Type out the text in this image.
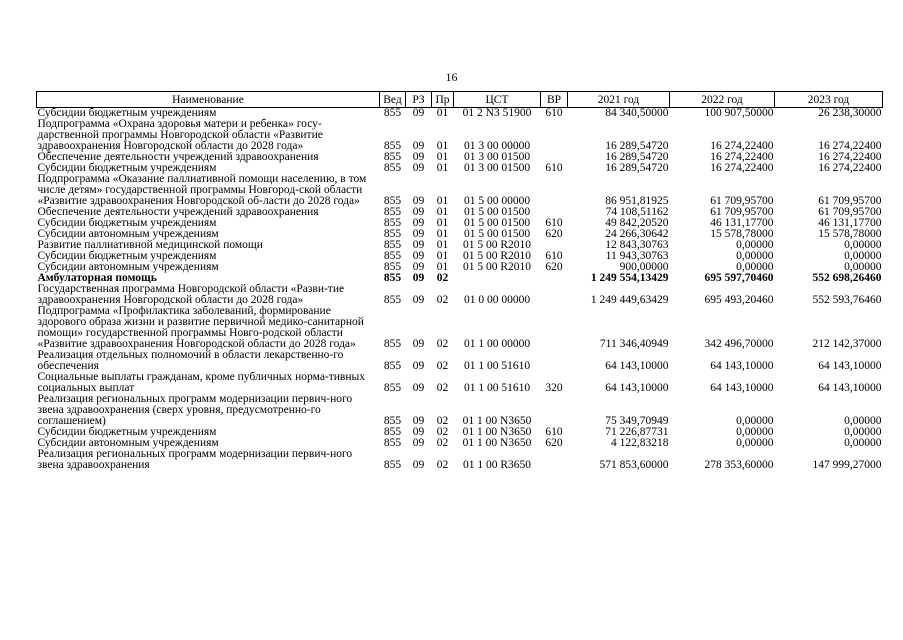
16
Наименование	Вед	РЗ	Пр	ЦСТ	ВР	2021 год	2022 год	2023 год
Субсидии бюджетным учреждениям	855	09	01	01 2 N3 51900	610	84 340,50000	100 907,50000	26 238,30000
Подпрограмма «Охрана здоровья матери и ребенка» госу-дарственной программы Новгородской области «Развитие здравоохранения Новгородской области до 2028 года»	855	09	01	01 3 00 00000		16 289,54720	16 274,22400	16 274,22400
Обеспечение деятельности учреждений здравоохранения	855	09	01	01 3 00 01500		16 289,54720	16 274,22400	16 274,22400
Субсидии бюджетным учреждениям	855	09	01	01 3 00 01500	610	16 289,54720	16 274,22400	16 274,22400
Подпрограмма «Оказание паллиативной помощи населению, в том числе детям» государственной программы Новгород-ской области «Развитие здравоохранения Новгородской об-ласти до 2028 года»	855	09	01	01 5 00 00000		86 951,81925	61 709,95700	61 709,95700
Обеспечение деятельности учреждений здравоохранения	855	09	01	01 5 00 01500		74 108,51162	61 709,95700	61 709,95700
Субсидии бюджетным учреждениям	855	09	01	01 5 00 01500	610	49 842,20520	46 131,17700	46 131,17700
Субсидии автономным учреждениям	855	09	01	01 5 00 01500	620	24 266,30642	15 578,78000	15 578,78000
Развитие паллиативной медицинской помощи	855	09	01	01 5 00 R2010		12 843,30763	0,00000	0,00000
Субсидии бюджетным учреждениям	855	09	01	01 5 00 R2010	610	11 943,30763	0,00000	0,00000
Субсидии автономным учреждениям	855	09	01	01 5 00 R2010	620	900,00000	0,00000	0,00000
Амбулаторная помощь	855	09	02			1 249 554,13429	695 597,70460	552 698,26460
Государственная программа Новгородской области «Разви-тие здравоохранения Новгородской области до 2028 года»	855	09	02	01 0 00 00000		1 249 449,63429	695 493,20460	552 593,76460
Подпрограмма «Профилактика заболеваний, формирование здорового образа жизни и развитие первичной медико-санитарной помощи» государственной программы Новго-родской области «Развитие здравоохранения Новгородской области до 2028 года»	855	09	02	01 1 00 00000		711 346,40949	342 496,70000	212 142,37000
Реализация отдельных полномочий в области лекарственно-го обеспечения	855	09	02	01 1 00 51610		64 143,10000	64 143,10000	64 143,10000
Социальные выплаты гражданам, кроме публичных норма-тивных социальных выплат	855	09	02	01 1 00 51610	320	64 143,10000	64 143,10000	64 143,10000
Реализация региональных программ модернизации первич-ного звена здравоохранения (сверх уровня, предусмотренно-го соглашением)	855	09	02	01 1 00 N3650		75 349,70949	0,00000	0,00000
Субсидии бюджетным учреждениям	855	09	02	01 1 00 N3650	610	71 226,87731	0,00000	0,00000
Субсидии автономным учреждениям	855	09	02	01 1 00 N3650	620	4 122,83218	0,00000	0,00000
Реализация региональных программ модернизации первич-ного звена здравоохранения	855	09	02	01 1 00 R3650		571 853,60000	278 353,60000	147 999,27000
